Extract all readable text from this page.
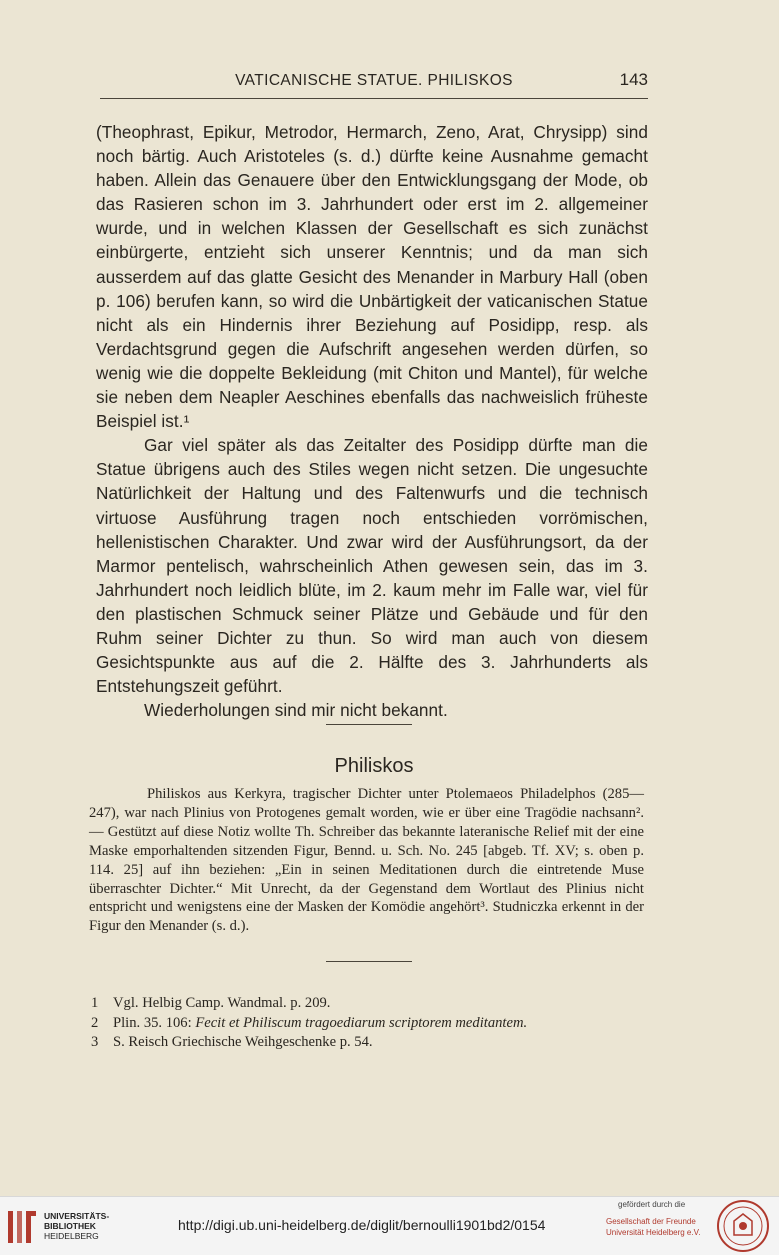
VATICANISCHE STATUE. PHILISKOS	143

(Theophrast, Epikur, Metrodor, Hermarch, Zeno, Arat, Chrysipp) sind noch bärtig. Auch Aristoteles (s. d.) dürfte keine Ausnahme gemacht haben. Allein das Genauere über den Entwicklungsgang der Mode, ob das Rasieren schon im 3. Jahrhundert oder erst im 2. allgemeiner wurde, und in welchen Klassen der Gesellschaft es sich zunächst einbürgerte, entzieht sich unserer Kenntnis; und da man sich ausserdem auf das glatte Gesicht des Menander in Marbury Hall (oben p. 106) berufen kann, so wird die Unbärtigkeit der vaticanischen Statue nicht als ein Hindernis ihrer Beziehung auf Posidipp, resp. als Verdachtsgrund gegen die Aufschrift angesehen werden dürfen, so wenig wie die doppelte Bekleidung (mit Chiton und Mantel), für welche sie neben dem Neapler Aeschines ebenfalls das nachweislich früheste Beispiel ist.¹

Gar viel später als das Zeitalter des Posidipp dürfte man die Statue übrigens auch des Stiles wegen nicht setzen. Die ungesuchte Natürlichkeit der Haltung und des Faltenwurfs und die technisch virtuose Ausführung tragen noch entschieden vorrömischen, hellenistischen Charakter. Und zwar wird der Ausführungsort, da der Marmor pentelisch, wahrscheinlich Athen gewesen sein, das im 3. Jahrhundert noch leidlich blüte, im 2. kaum mehr im Falle war, viel für den plastischen Schmuck seiner Plätze und Gebäude und für den Ruhm seiner Dichter zu thun. So wird man auch von diesem Gesichtspunkte aus auf die 2. Hälfte des 3. Jahrhunderts als Entstehungszeit geführt.

Wiederholungen sind mir nicht bekannt.

Philiskos

Philiskos aus Kerkyra, tragischer Dichter unter Ptolemaeos Philadelphos (285—247), war nach Plinius von Protogenes gemalt worden, wie er über eine Tragödie nachsann². — Gestützt auf diese Notiz wollte Th. Schreiber das bekannte lateranische Relief mit der eine Maske emporhaltenden sitzenden Figur, Bennd. u. Sch. No. 245 [abgeb. Tf. XV; s. oben p. 114. 25] auf ihn beziehen: „Ein in seinen Meditationen durch die eintretende Muse überraschter Dichter.“ Mit Unrecht, da der Gegenstand dem Wortlaut des Plinius nicht entspricht und wenigstens eine der Masken der Komödie angehört³. Studniczka erkennt in der Figur den Menander (s. d.).

1	Vgl. Helbig Camp. Wandmal. p. 209.
2	Plin. 35. 106: Fecit et Philiscum tragoediarum scriptorem meditantem.
3	S. Reisch Griechische Weihgeschenke p. 54.
UNIVERSITÄTS-
BIBLIOTHEK
HEIDELBERG
http://digi.ub.uni-heidelberg.de/diglit/bernoulli1901bd2/0154
gefördert durch die
Gesellschaft der Freunde
Universität Heidelberg e.V.
